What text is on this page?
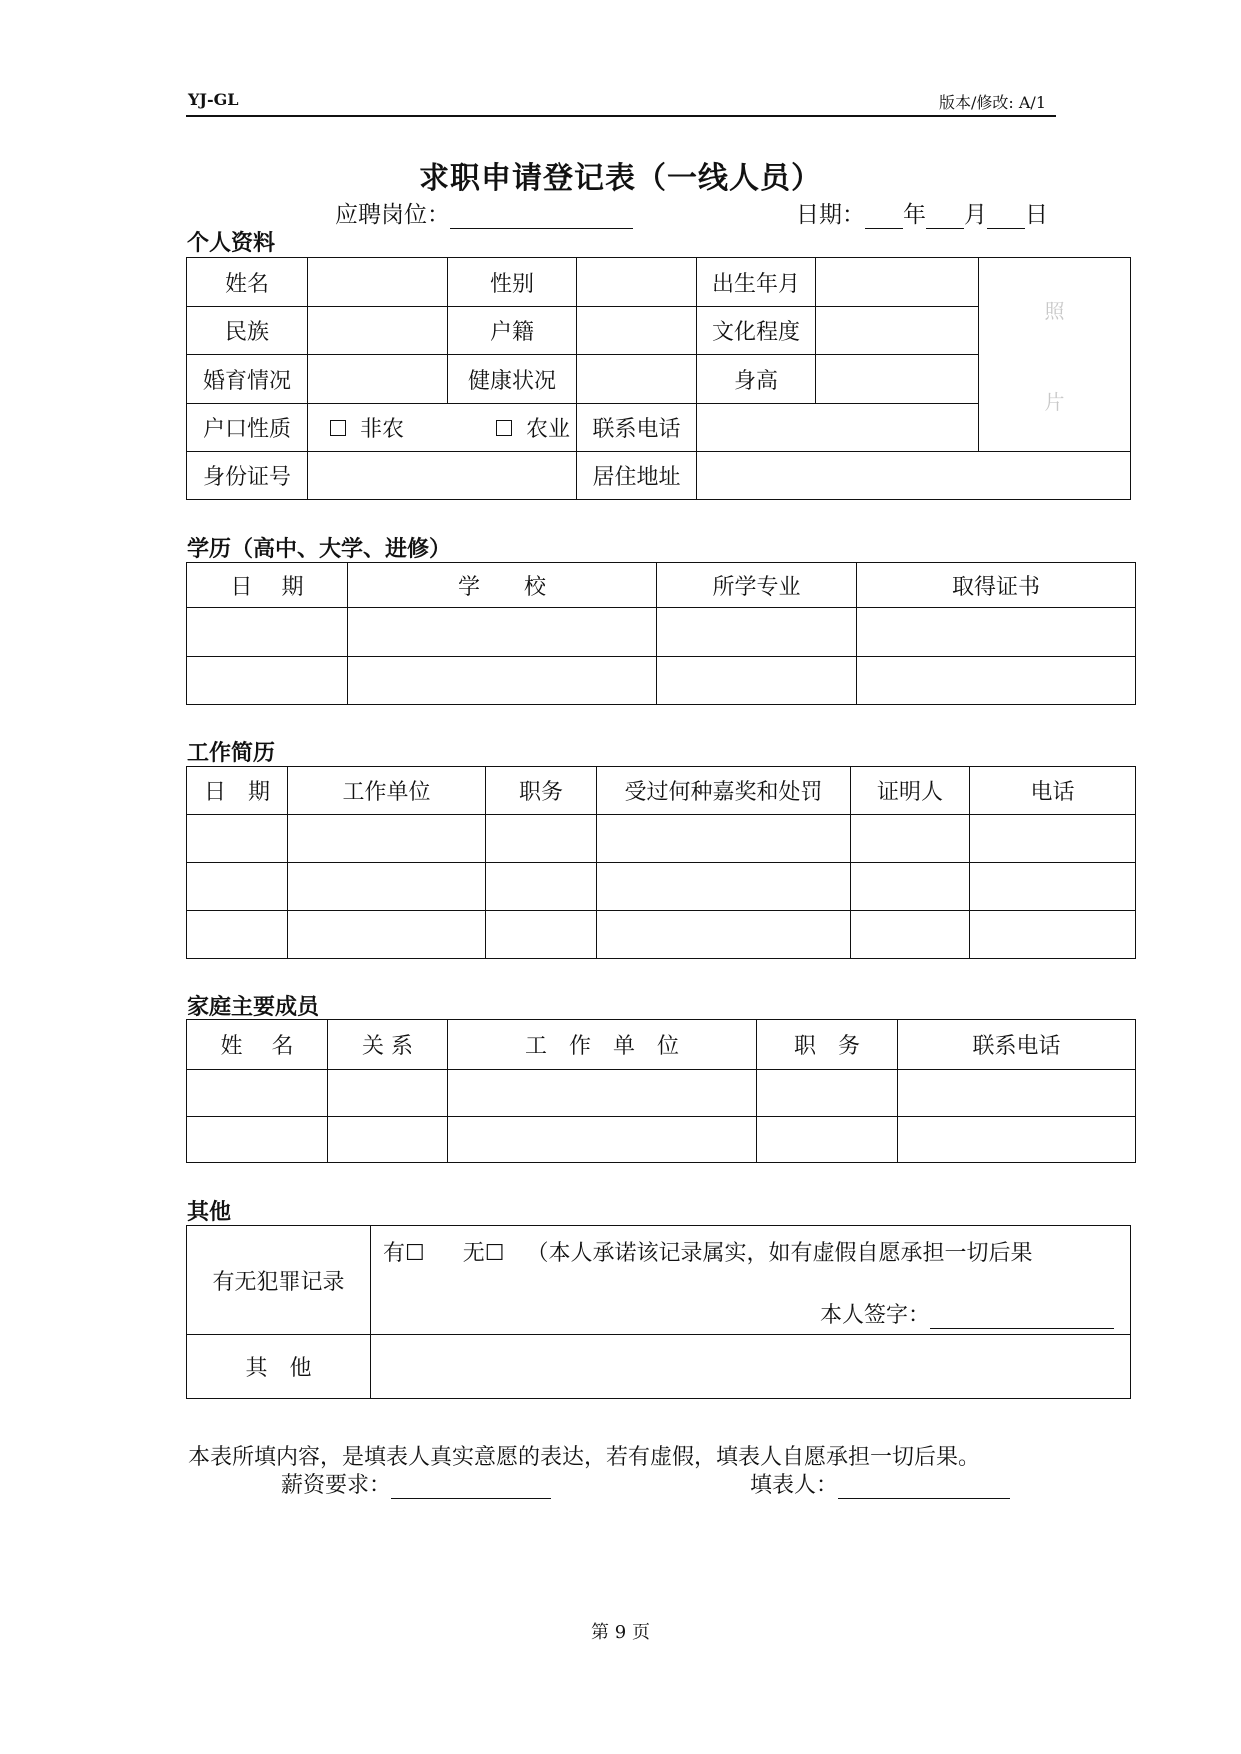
YJ-GL	版本/修改: A/1
求职申请登记表（一线人员）
应聘岗位：	日期： 年 月 日
个人资料
姓名		性别		出生年月		照
片

民族		户籍		文化程度		
婚育情况		健康状况		身高		
户口性质	非农 农业		联系电话			
身份证号			居住地址			
学历（高中、大学、进修）
日　 期	学　　校	所学专业	取得证书

工作简历
日　期	工作单位	职务	受过何种嘉奖和处罚	证明人	电话

家庭主要成员
姓　 名	关 系	工　作　单　位	职　务	联系电话

其他
有无犯罪记录	有☐ 无☐ （本人承诺该记录属实，如有虚假自愿承担一切后果
本人签字：

其　他	
本表所填内容，是填表人真实意愿的表达，若有虚假，填表人自愿承担一切后果。
薪资要求：	填表人：
第 9 页
